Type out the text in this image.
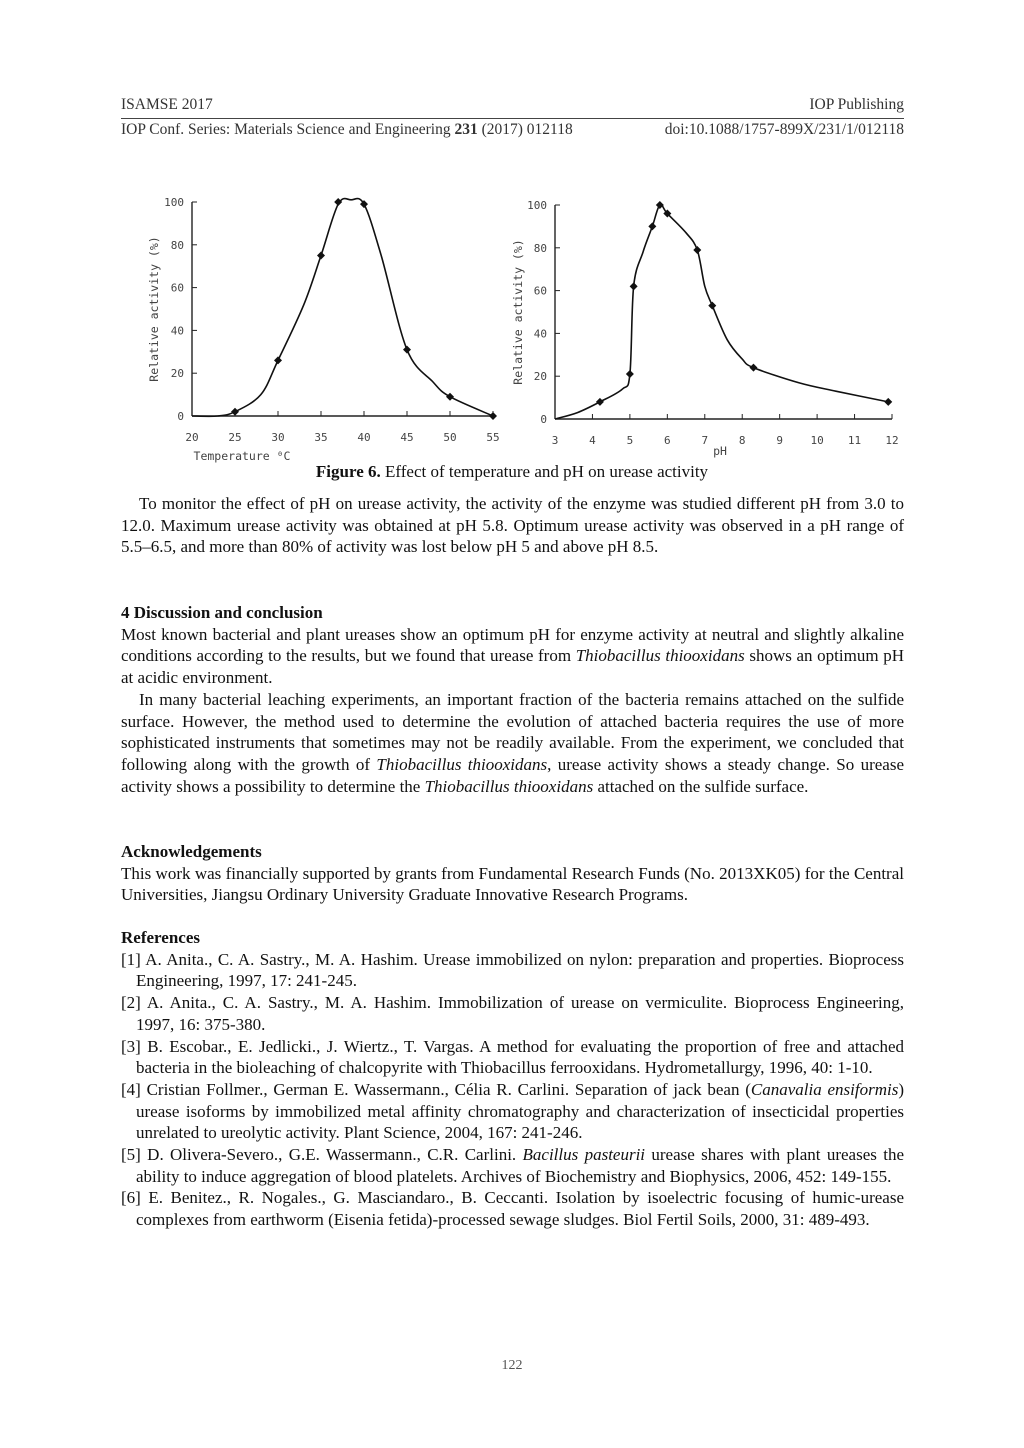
ISAMSE 2017	IOP Publishing
IOP Conf. Series: Materials Science and Engineering 231 (2017) 012118	doi:10.1088/1757-899X/231/1/012118
0
20
40
60
80
100
20	25	30	35	40	45	50	55
Relative activity (%)
Temperature ⁰C
0
20
40
60
80
100
3	4	5	6	7	8	9	10 11 12
Relative activity (%)
pH
Figure 6. Effect of temperature and pH on urease activity

To monitor the effect of pH on urease activity, the activity of the enzyme was studied different pH from 3.0 to 12.0. Maximum urease activity was obtained at pH 5.8. Optimum urease activity was observed in a pH range of 5.5–6.5, and more than 80% of activity was lost below pH 5 and above pH 8.5.

4 Discussion and conclusion

Most known bacterial and plant ureases show an optimum pH for enzyme activity at neutral and slightly alkaline conditions according to the results, but we found that urease from Thiobacillus thiooxidans shows an optimum pH at acidic environment.

In many bacterial leaching experiments, an important fraction of the bacteria remains attached on the sulfide surface. However, the method used to determine the evolution of attached bacteria requires the use of more sophisticated instruments that sometimes may not be readily available. From the experiment, we concluded that following along with the growth of Thiobacillus thiooxidans, urease activity shows a steady change. So urease activity shows a possibility to determine the Thiobacillus thiooxidans attached on the sulfide surface.

Acknowledgements

This work was financially supported by grants from Fundamental Research Funds (No. 2013XK05) for the Central Universities, Jiangsu Ordinary University Graduate Innovative Research Programs.

References

[1] A. Anita., C. A. Sastry., M. A. Hashim. Urease immobilized on nylon: preparation and properties. Bioprocess Engineering, 1997, 17: 241-245.

[2] A. Anita., C. A. Sastry., M. A. Hashim. Immobilization of urease on vermiculite. Bioprocess Engineering, 1997, 16: 375-380.

[3] B. Escobar., E. Jedlicki., J. Wiertz., T. Vargas. A method for evaluating the proportion of free and attached bacteria in the bioleaching of chalcopyrite with Thiobacillus ferrooxidans. Hydrometallurgy, 1996, 40: 1-10.

[4] Cristian Follmer., German E. Wassermann., Célia R. Carlini. Separation of jack bean (Canavalia ensiformis) urease isoforms by immobilized metal affinity chromatography and characterization of insecticidal properties unrelated to ureolytic activity. Plant Science, 2004, 167: 241-246.

[5] D. Olivera-Severo., G.E. Wassermann., C.R. Carlini. Bacillus pasteurii urease shares with plant ureases the ability to induce aggregation of blood platelets. Archives of Biochemistry and Biophysics, 2006, 452: 149-155.

[6] E. Benitez., R. Nogales., G. Masciandaro., B. Ceccanti. Isolation by isoelectric focusing of humic-urease complexes from earthworm (Eisenia fetida)-processed sewage sludges. Biol Fertil Soils, 2000, 31: 489-493.

122
